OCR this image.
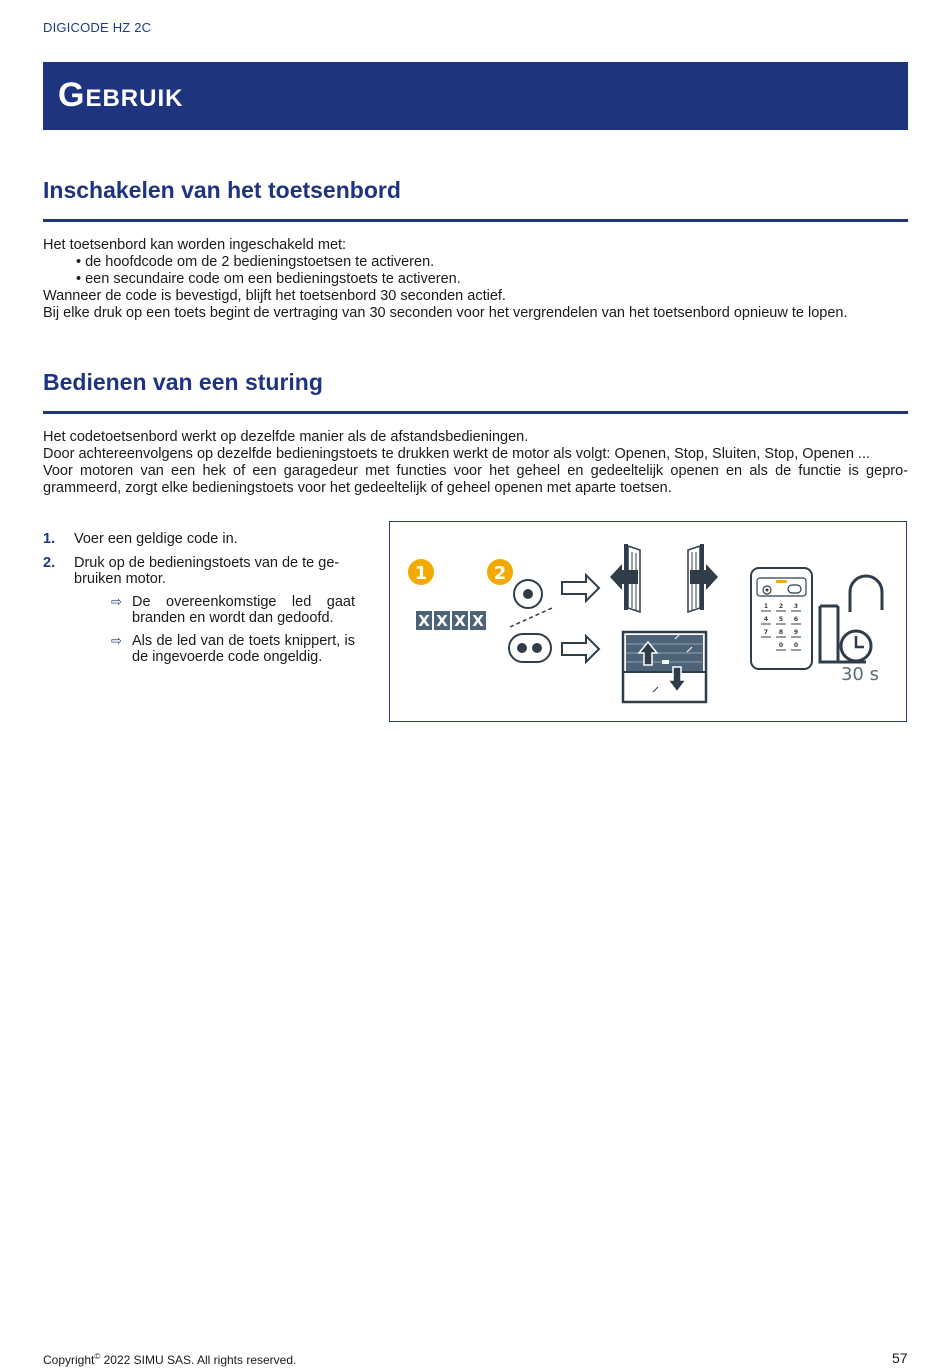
DIGICODE HZ 2C
Gebruik
Inschakelen van het toetsenbord

Het toetsenbord kan worden ingeschakeld met:

• de hoofdcode om de 2 bedieningstoetsen te activeren.

• een secundaire code om een bedieningstoets te activeren.

Wanneer de code is bevestigd, blijft het toetsenbord 30 seconden actief.

Bij elke druk op een toets begint de vertraging van 30 seconden voor het vergrendelen van het toetsenbord opnieuw te lopen.

Bedienen van een sturing

Het codetoetsenbord werkt op dezelfde manier als de afstandsbedieningen.

Door achtereenvolgens op dezelfde bedieningstoets te drukken werkt de motor als volgt: Openen, Stop, Sluiten, Stop, Openen ...

Voor motoren van een hek of een garagedeur met functies voor het geheel en gedeeltelijk openen en als de functie is geprogrammeerd, zorgt elke bedieningstoets voor het gedeeltelijk of geheel openen met aparte toetsen.

1. Voer een geldige code in.
2. Druk op de bedieningstoets van de te gebruiken motor.
⇨ De overeenkomstige led gaat branden en wordt dan gedoofd.
⇨ Als de led van de toets knippert, is de ingevoerde code ongeldig.
1	2
X X X X
1 2 3
4 5 6
7 8 9
0 0
30 s
Copyright© 2022 SIMU SAS. All rights reserved.	57
